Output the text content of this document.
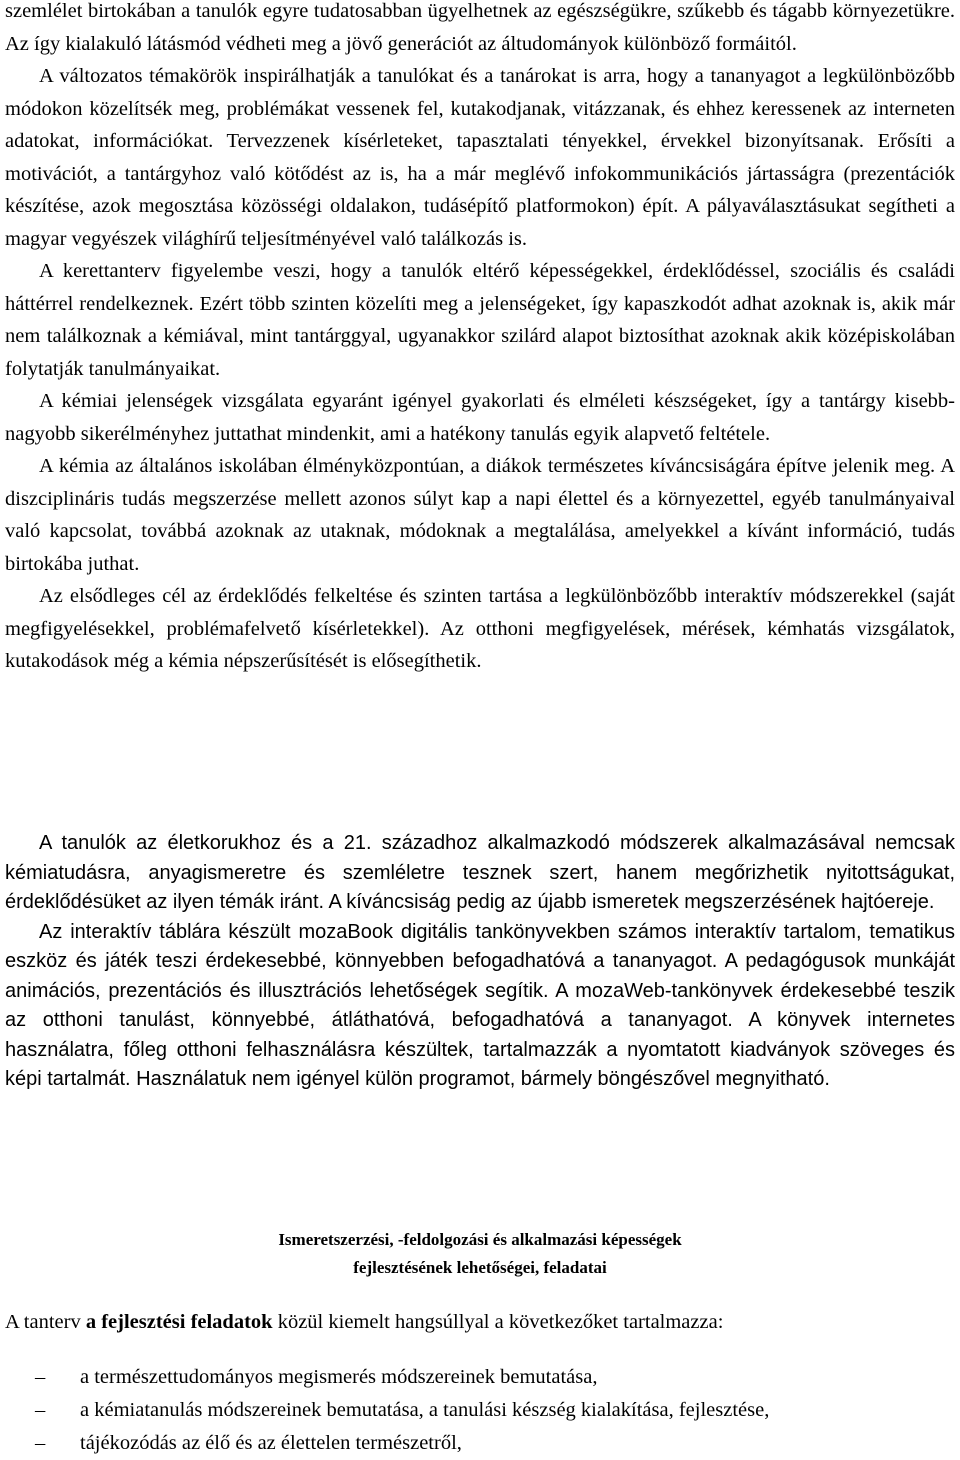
szemlélet birtokában a tanulók egyre tudatosabban ügyelhetnek az egészségükre, szűkebb és tágabb környezetükre. Az így kialakuló látásmód védheti meg a jövő generációt az áltudományok különböző formáitól.

A változatos témakörök inspirálhatják a tanulókat és a tanárokat is arra, hogy a tananyagot a legkülönbözőbb módokon közelítsék meg, problémákat vessenek fel, kutakodjanak, vitázzanak, és ehhez keressenek az interneten adatokat, információkat. Tervezzenek kísérleteket, tapasztalati tényekkel, érvekkel bizonyítsanak. Erősíti a motivációt, a tantárgyhoz való kötődést az is, ha a már meglévő infokommunikációs jártasságra (prezentációk készítése, azok megosztása közösségi oldalakon, tudásépítő platformokon) épít. A pályaválasztásukat segítheti a magyar vegyészek világhírű teljesítményével való találkozás is.

A kerettanterv figyelembe veszi, hogy a tanulók eltérő képességekkel, érdeklődéssel, szociális és családi háttérrel rendelkeznek. Ezért több szinten közelíti meg a jelenségeket, így kapaszkodót adhat azoknak is, akik már nem találkoznak a kémiával, mint tantárggyal, ugyanakkor szilárd alapot biztosíthat azoknak akik középiskolában folytatják tanulmányaikat.

A kémiai jelenségek vizsgálata egyaránt igényel gyakorlati és elméleti készségeket, így a tantárgy kisebb-nagyobb sikerélményhez juttathat mindenkit, ami a hatékony tanulás egyik alapvető feltétele.

A kémia az általános iskolában élményközpontúan, a diákok természetes kíváncsiságára építve jelenik meg. A diszciplináris tudás megszerzése mellett azonos súlyt kap a napi élettel és a környezettel, egyéb tanulmányaival való kapcsolat, továbbá azoknak az utaknak, módoknak a megtalálása, amelyekkel a kívánt információ, tudás birtokába juthat.

Az elsődleges cél az érdeklődés felkeltése és szinten tartása a legkülönbözőbb interaktív módszerekkel (saját megfigyelésekkel, problémafelvető kísérletekkel). Az otthoni megfigyelések, mérések, kémhatás vizsgálatok, kutakodások még a kémia népszerűsítését is elősegíthetik.

A tanulók az életkorukhoz és a 21. századhoz alkalmazkodó módszerek alkalmazásával nemcsak kémiatudásra, anyagismeretre és szemléletre tesznek szert, hanem megőrizhetik nyitottságukat, érdeklődésüket az ilyen témák iránt. A kíváncsiság pedig az újabb ismeretek megszerzésének hajtóereje.

Az interaktív táblára készült mozaBook digitális tankönyvekben számos interaktív tartalom, tematikus eszköz és játék teszi érdekesebbé, könnyebben befogadhatóvá a tananyagot. A pedagógusok munkáját animációs, prezentációs és illusztrációs lehetőségek segítik. A mozaWeb-tankönyvek érdekesebbé teszik az otthoni tanulást, könnyebbé, átláthatóvá, befogadhatóvá a tananyagot. A könyvek internetes használatra, főleg otthoni felhasználásra készültek, tartalmazzák a nyomtatott kiadványok szöveges és képi tartalmát. Használatuk nem igényel külön programot, bármely böngészővel megnyitható.

Ismeretszerzési, -feldolgozási és alkalmazási képességek
fejlesztésének lehetőségei, feladatai

A tanterv a fejlesztési feladatok közül kiemelt hangsúllyal a következőket tartalmazza:

– a természettudományos megismerés módszereinek bemutatása,
– a kémiatanulás módszereinek bemutatása, a tanulási készség kialakítása, fejlesztése,
– tájékozódás az élő és az élettelen természetről,
